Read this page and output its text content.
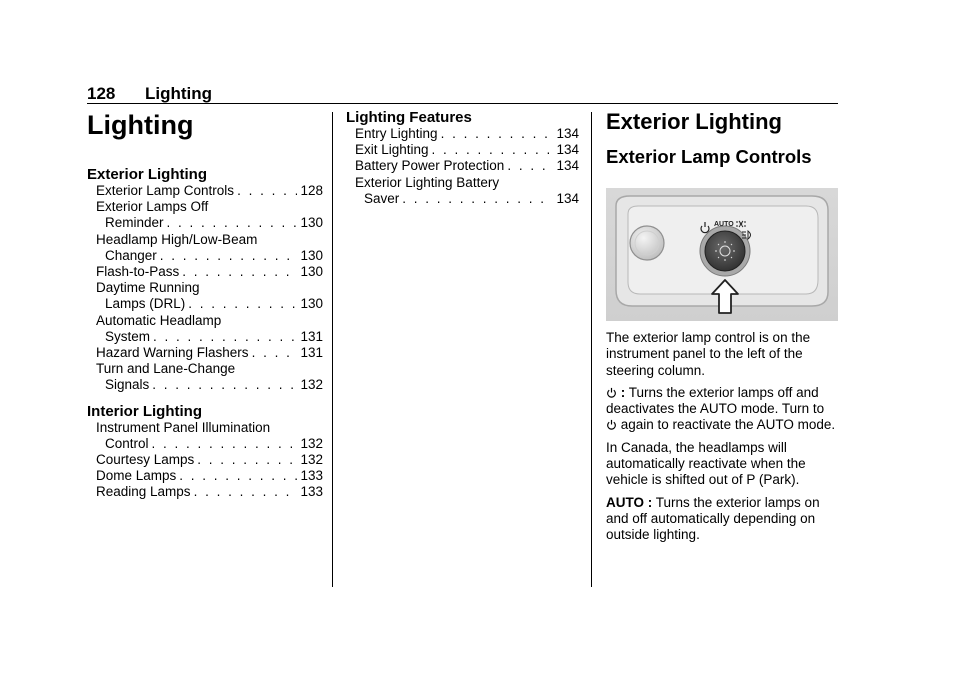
128 Lighting
Lighting
Exterior Lighting
Exterior Lamp Controls . . .	128
Exterior Lamps Off
Reminder . . .	130
Headlamp High/Low-Beam
Changer . . .	130
Flash-to-Pass . . .	130
Daytime Running
Lamps (DRL) . . .	130
Automatic Headlamp
System . . .	131
Hazard Warning Flashers . . .	131
Turn and Lane-Change
Signals . . .	132
Interior Lighting
Instrument Panel Illumination
Control . . .	132
Courtesy Lamps . . .	132
Dome Lamps . . .	133
Reading Lamps . . .	133
Lighting Features
Entry Lighting . . .	134
Exit Lighting . . .	134
Battery Power Protection . . .	134
Exterior Lighting Battery
Saver . . .	134
Exterior Lighting
Exterior Lamp Controls
AUTO

The exterior lamp control is on the instrument panel to the left of the steering column.

: Turns the exterior lamps off and deactivates the AUTO mode. Turn to  again to reactivate the AUTO mode.

In Canada, the headlamps will automatically reactivate when the vehicle is shifted out of P (Park).

AUTO : Turns the exterior lamps on and off automatically depending on outside lighting.
